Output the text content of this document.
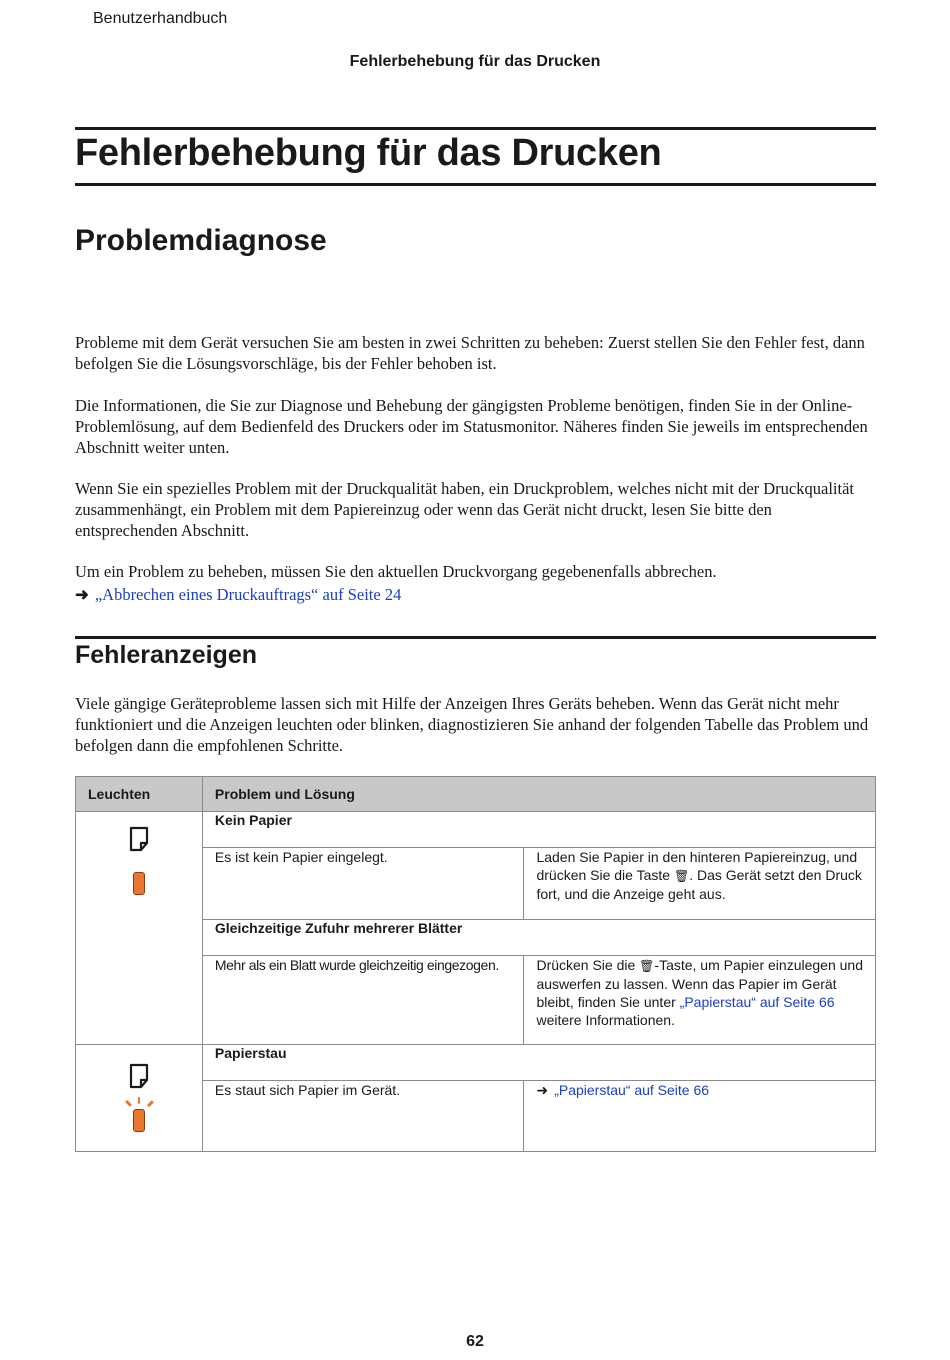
Benutzerhandbuch
Fehlerbehebung für das Drucken
Fehlerbehebung für das Drucken
Problemdiagnose

Probleme mit dem Gerät versuchen Sie am besten in zwei Schritten zu beheben: Zuerst stellen Sie den Fehler fest, dann befolgen Sie die Lösungsvorschläge, bis der Fehler behoben ist.

Die Informationen, die Sie zur Diagnose und Behebung der gängigsten Probleme benötigen, finden Sie in der Online-Problemlösung, auf dem Bedienfeld des Druckers oder im Statusmonitor. Näheres finden Sie jeweils im entsprechenden Abschnitt weiter unten.

Wenn Sie ein spezielles Problem mit der Druckqualität haben, ein Druckproblem, welches nicht mit der Druckqualität zusammenhängt, ein Problem mit dem Papiereinzug oder wenn das Gerät nicht druckt, lesen Sie bitte den entsprechenden Abschnitt.

Um ein Problem zu beheben, müssen Sie den aktuellen Druckvorgang gegebenenfalls abbrechen.

➜ „Abbrechen eines Druckauftrags“ auf Seite 24
Fehleranzeigen

Viele gängige Geräteprobleme lassen sich mit Hilfe der Anzeigen Ihres Geräts beheben. Wenn das Gerät nicht mehr funktioniert und die Anzeigen leuchten oder blinken, diagnostizieren Sie anhand der folgenden Tabelle das Problem und befolgen dann die empfohlenen Schritte.

Leuchten	Problem und Lösung	

	Kein Papier	
	Es ist kein Papier eingelegt.	Laden Sie Papier in den hinteren Papiereinzug, und drücken Sie die Taste 🗑. Das Gerät setzt den Druck fort, und die Anzeige geht aus.
	Gleichzeitige Zufuhr mehrerer Blätter	
	Mehr als ein Blatt wurde gleichzeitig eingezogen.	Drücken Sie die 🗑-Taste, um Papier einzulegen und auswerfen zu lassen. Wenn das Papier im Gerät bleibt, finden Sie unter „Papierstau“ auf Seite 66 weitere Informationen.

	Papierstau	
	Es staut sich Papier im Gerät.	➜ „Papierstau“ auf Seite 66
62
